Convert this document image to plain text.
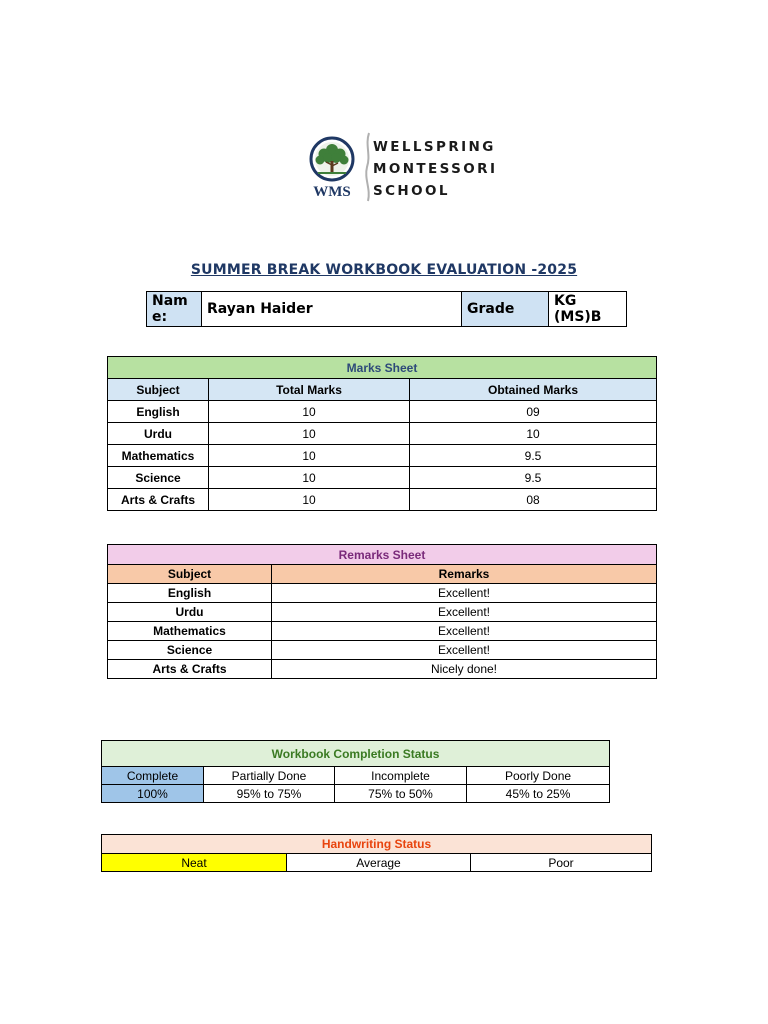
WMS
WELLSPRING
MONTESSORI
SCHOOL
SUMMER BREAK WORKBOOK EVALUATION -2025
Nam e:	Rayan Haider	Grade	KG (MS)B
Marks Sheet		
Subject	Total Marks	Obtained Marks
English	10	09
Urdu	10	10
Mathematics	10	9.5
Science	10	9.5
Arts & Crafts	10	08
Remarks Sheet	
Subject	Remarks
English	Excellent!
Urdu	Excellent!
Mathematics	Excellent!
Science	Excellent!
Arts & Crafts	Nicely done!
Workbook Completion Status			
Complete	Partially Done	Incomplete	Poorly Done
100%	95% to 75%	75% to 50%	45% to 25%
Handwriting Status
Neat	Average	Poor
